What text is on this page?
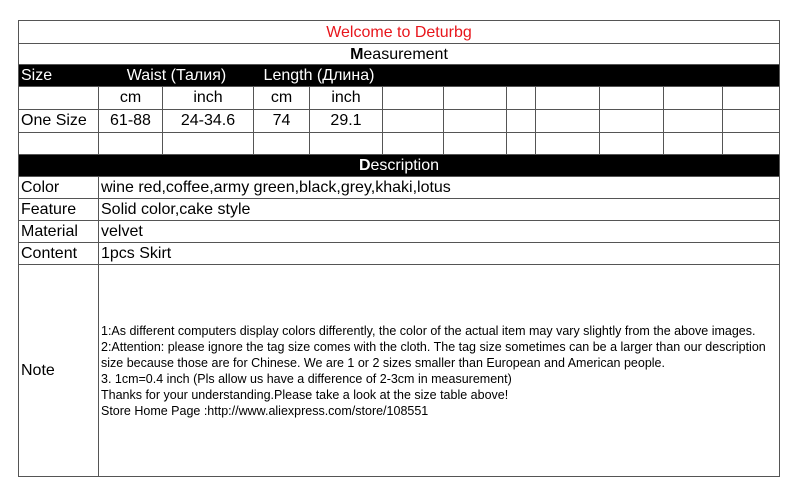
Welcome to Deturbg
Measurement
Size	Waist (Талия)	Length (Длина)
cm	inch	cm	inch
One Size	61-88	24-34.6	74	29.1
Description
Color	wine red,coffee,army green,black,grey,khaki,lotus
Feature	Solid color,cake style
Material	velvet
Content	1pcs Skirt
Note
1:As different computers display colors differently, the color of the actual item may vary slightly from the above images.
2:Attention: please ignore the tag size comes with the cloth. The tag size sometimes can be a larger than our description size because those are for Chinese. We are 1 or 2 sizes smaller than European and American people.
3. 1cm=0.4 inch (Pls allow us have a difference of 2-3cm in measurement)
Thanks for your understanding.Please take a look at the size table above!
Store Home Page :http://www.aliexpress.com/store/108551
